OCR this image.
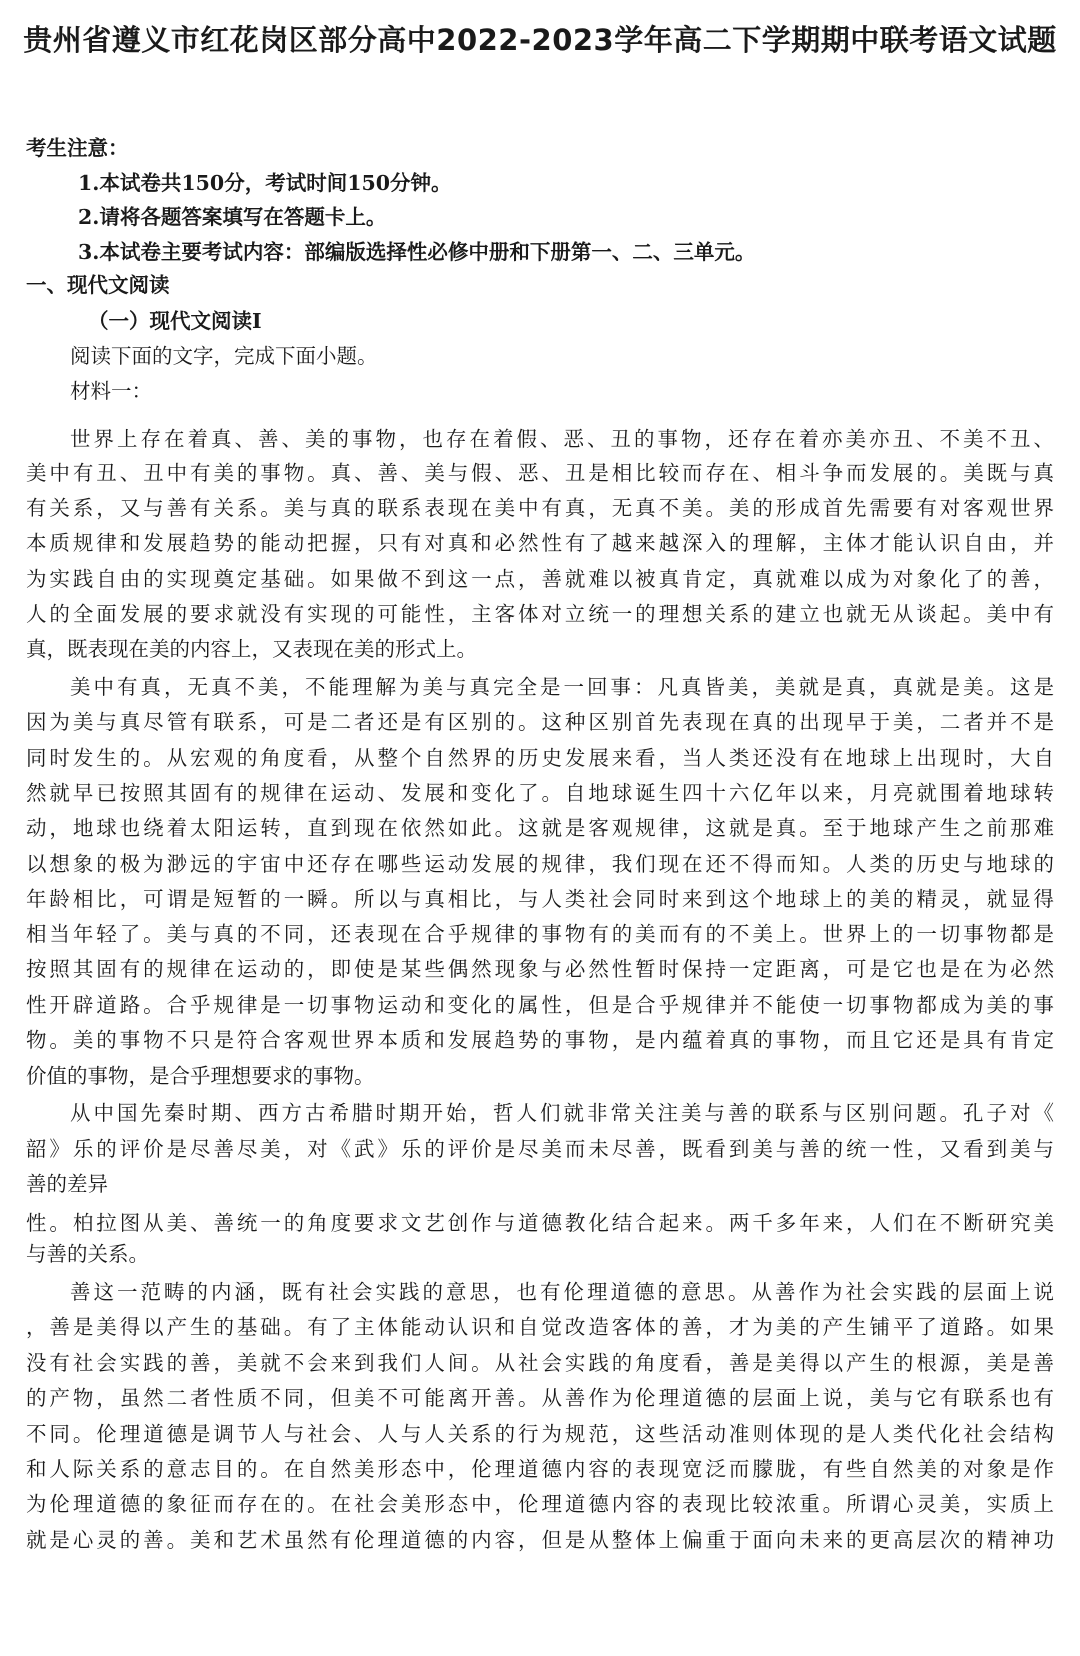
贵州省遵义市红花岗区部分高中2022-2023学年高二下学期期中联考语文试题
考生注意：
1.本试卷共150分，考试时间150分钟。
2.请将各题答案填写在答题卡上。
3.本试卷主要考试内容：部编版选择性必修中册和下册第一、二、三单元。
一、现代文阅读
（一）现代文阅读Ⅰ
阅读下面的文字，完成下面小题。
材料一：
世界上存在着真、善、美的事物，也存在着假、恶、丑的事物，还存在着亦美亦丑、不美不丑、
美中有丑、丑中有美的事物。真、善、美与假、恶、丑是相比较而存在、相斗争而发展的。美既与真
有关系，又与善有关系。美与真的联系表现在美中有真，无真不美。美的形成首先需要有对客观世界
本质规律和发展趋势的能动把握，只有对真和必然性有了越来越深入的理解，主体才能认识自由，并
为实践自由的实现奠定基础。如果做不到这一点，善就难以被真肯定，真就难以成为对象化了的善，
人的全面发展的要求就没有实现的可能性，主客体对立统一的理想关系的建立也就无从谈起。美中有
真，既表现在美的内容上，又表现在美的形式上。
美中有真，无真不美，不能理解为美与真完全是一回事：凡真皆美，美就是真，真就是美。这是
因为美与真尽管有联系，可是二者还是有区别的。这种区别首先表现在真的出现早于美，二者并不是
同时发生的。从宏观的角度看，从整个自然界的历史发展来看，当人类还没有在地球上出现时，大自
然就早已按照其固有的规律在运动、发展和变化了。自地球诞生四十六亿年以来，月亮就围着地球转
动，地球也绕着太阳运转，直到现在依然如此。这就是客观规律，这就是真。至于地球产生之前那难
以想象的极为渺远的宇宙中还存在哪些运动发展的规律，我们现在还不得而知。人类的历史与地球的
年龄相比，可谓是短暂的一瞬。所以与真相比，与人类社会同时来到这个地球上的美的精灵，就显得
相当年轻了。美与真的不同，还表现在合乎规律的事物有的美而有的不美上。世界上的一切事物都是
按照其固有的规律在运动的，即使是某些偶然现象与必然性暂时保持一定距离，可是它也是在为必然
性开辟道路。合乎规律是一切事物运动和变化的属性，但是合乎规律并不能使一切事物都成为美的事
物。美的事物不只是符合客观世界本质和发展趋势的事物，是内蕴着真的事物，而且它还是具有肯定
价值的事物，是合乎理想要求的事物。
从中国先秦时期、西方古希腊时期开始，哲人们就非常关注美与善的联系与区别问题。孔子对《
韶》乐的评价是尽善尽美，对《武》乐的评价是尽美而未尽善，既看到美与善的统一性，又看到美与
善的差异
性。柏拉图从美、善统一的角度要求文艺创作与道德教化结合起来。两千多年来，人们在不断研究美
与善的关系。
善这一范畴的内涵，既有社会实践的意思，也有伦理道德的意思。从善作为社会实践的层面上说
，善是美得以产生的基础。有了主体能动认识和自觉改造客体的善，才为美的产生铺平了道路。如果
没有社会实践的善，美就不会来到我们人间。从社会实践的角度看，善是美得以产生的根源，美是善
的产物，虽然二者性质不同，但美不可能离开善。从善作为伦理道德的层面上说，美与它有联系也有
不同。伦理道德是调节人与社会、人与人关系的行为规范，这些活动准则体现的是人类代化社会结构
和人际关系的意志目的。在自然美形态中，伦理道德内容的表现宽泛而朦胧，有些自然美的对象是作
为伦理道德的象征而存在的。在社会美形态中，伦理道德内容的表现比较浓重。所谓心灵美，实质上
就是心灵的善。美和艺术虽然有伦理道德的内容，但是从整体上偏重于面向未来的更高层次的精神功
